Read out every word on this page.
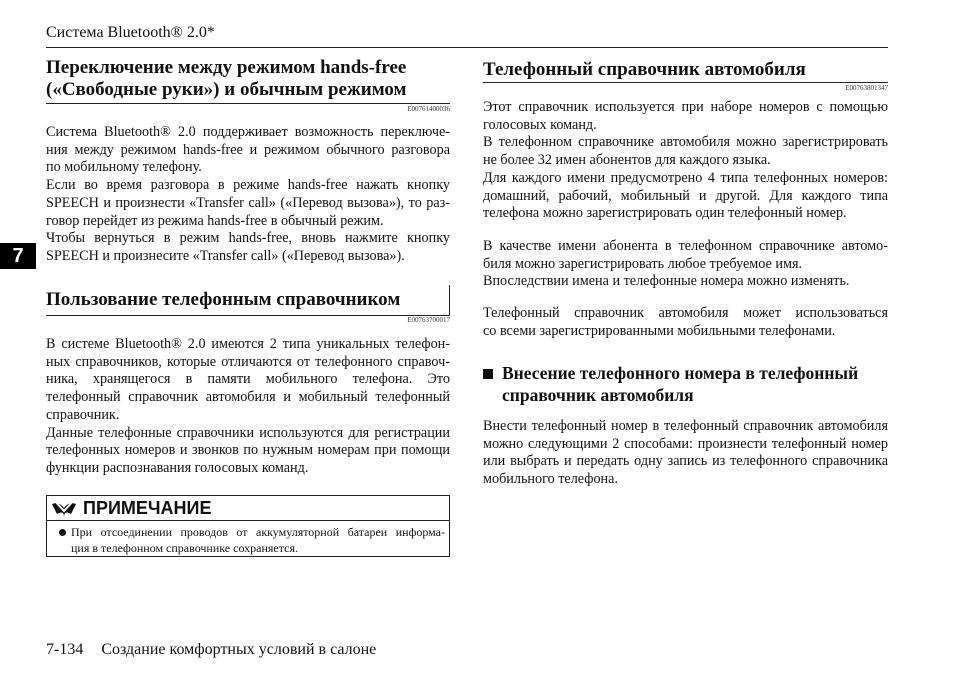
Система Bluetooth® 2.0*
7
Переключение между режимом hands-free
(«Свободные руки») и обычным режимом
E00761400036
Система Bluetooth® 2.0 поддерживает возможность переключе-
ния между режимом hands-free и режимом обычного разговора
по мобильному телефону.
Если во время разговора в режиме hands-free нажать кнопку
SPEECH и произнести «Transfer call» («Перевод вызова»), то раз-
говор перейдет из режима hands-free в обычный режим.
Чтобы вернуться в режим hands-free, вновь нажмите кнопку
SPEECH и произнесите «Transfer call» («Перевод вызова»).
Пользование телефонным справочником
E00763700017
В системе Bluetooth® 2.0 имеются 2 типа уникальных телефон-
ных справочников, которые отличаются от телефонного справоч-
ника, хранящегося в памяти мобильного телефона. Это
телефонный справочник автомобиля и мобильный телефонный
справочник.
Данные телефонные справочники используются для регистрации
телефонных номеров и звонков по нужным номерам при помощи
функции распознавания голосовых команд.
ПРИМЕЧАНИЕ
При отсоединении проводов от аккумуляторной батареи информа-
ция в телефонном справочнике сохраняется.
Телефонный справочник автомобиля
E00763801347
Этот справочник используется при наборе номеров с помощью
голосовых команд.
В телефонном справочнике автомобиля можно зарегистрировать
не более 32 имен абонентов для каждого языка.
Для каждого имени предусмотрено 4 типа телефонных номеров:
домашний, рабочий, мобильный и другой. Для каждого типа
телефона можно зарегистрировать один телефонный номер.
В качестве имени абонента в телефонном справочнике автомо-
биля можно зарегистрировать любое требуемое имя.
Впоследствии имена и телефонные номера можно изменять.
Телефонный справочник автомобиля может использоваться
со всеми зарегистрированными мобильными телефонами.
Внесение телефонного номера в телефонный
справочник автомобиля
Внести телефонный номер в телефонный справочник автомобиля
можно следующими 2 способами: произнести телефонный номер
или выбрать и передать одну запись из телефонного справочника
мобильного телефона.
7-134 Создание комфортных условий в салоне
